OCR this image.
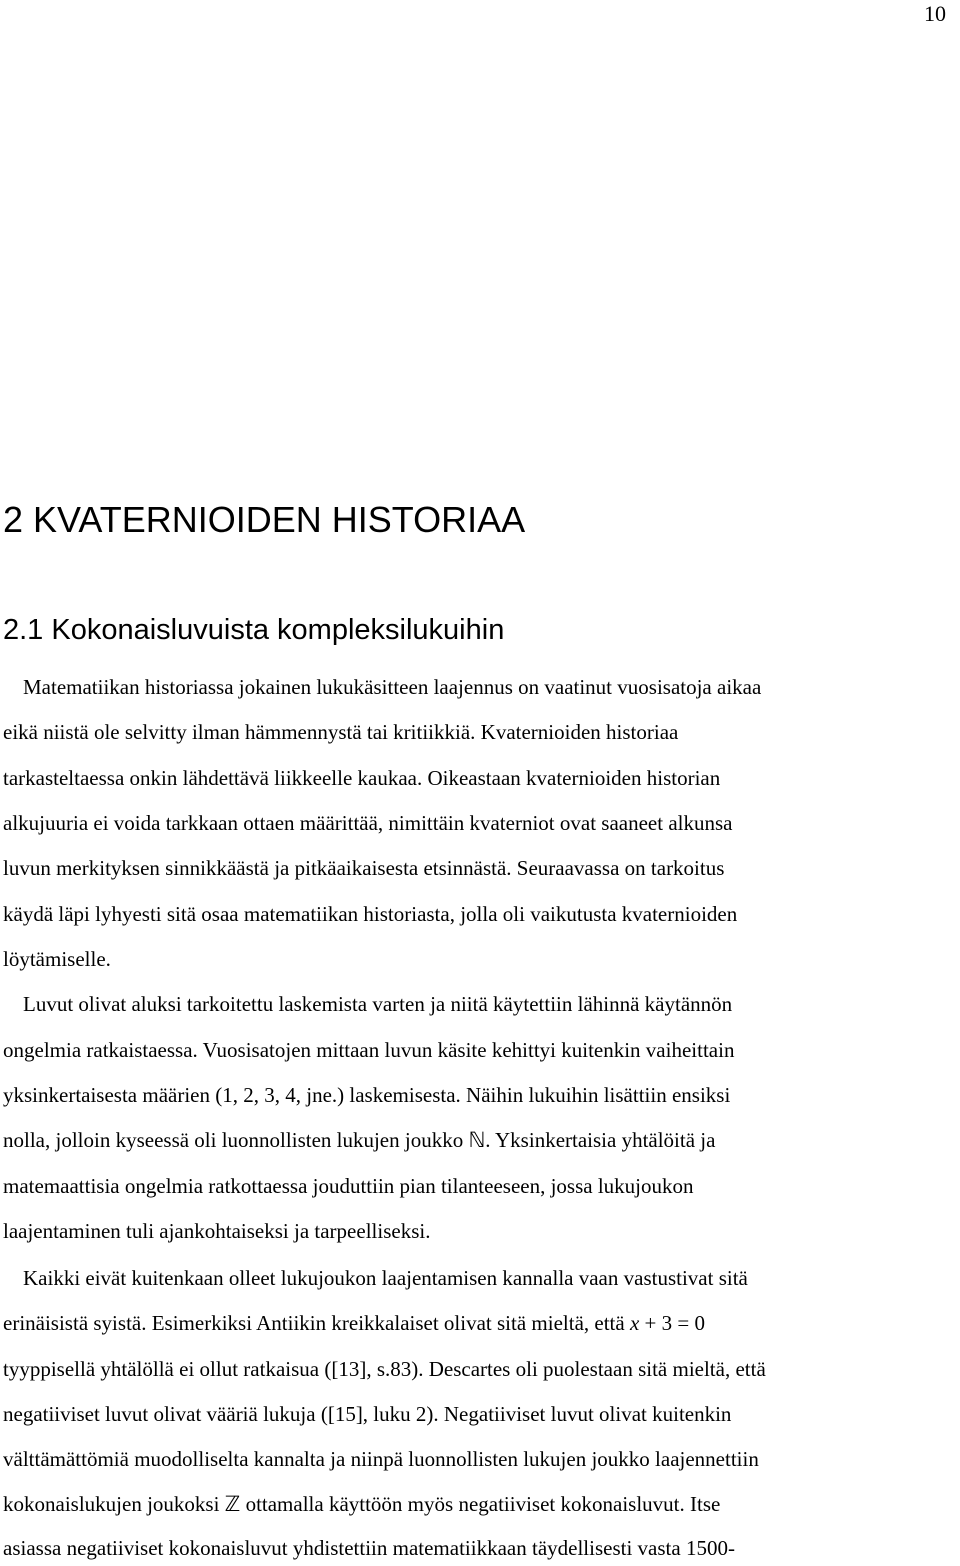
10
2 KVATERNIOIDEN HISTORIAA
2.1 Kokonaisluvuista kompleksilukuihin
Matematiikan historiassa jokainen lukukäsitteen laajennus on vaatinut vuosisatoja aikaa
eikä niistä ole selvitty ilman hämmennystä tai kritiikkiä. Kvaternioiden historiaa
tarkasteltaessa onkin lähdettävä liikkeelle kaukaa. Oikeastaan kvaternioiden historian
alkujuuria ei voida tarkkaan ottaen määrittää, nimittäin kvaterniot ovat saaneet alkunsa
luvun merkityksen sinnikkäästä ja pitkäaikaisesta etsinnästä. Seuraavassa on tarkoitus
käydä läpi lyhyesti sitä osaa matematiikan historiasta, jolla oli vaikutusta kvaternioiden
löytämiselle.
Luvut olivat aluksi tarkoitettu laskemista varten ja niitä käytettiin lähinnä käytännön
ongelmia ratkaistaessa. Vuosisatojen mittaan luvun käsite kehittyi kuitenkin vaiheittain
yksinkertaisesta määrien (1, 2, 3, 4, jne.) laskemisesta. Näihin lukuihin lisättiin ensiksi
nolla, jolloin kyseessä oli luonnollisten lukujen joukko ℕ. Yksinkertaisia yhtälöitä ja
matemaattisia ongelmia ratkottaessa jouduttiin pian tilanteeseen, jossa lukujoukon
laajentaminen tuli ajankohtaiseksi ja tarpeelliseksi.
Kaikki eivät kuitenkaan olleet lukujoukon laajentamisen kannalla vaan vastustivat sitä
erinäisistä syistä. Esimerkiksi Antiikin kreikkalaiset olivat sitä mieltä, että x + 3 = 0
tyyppisellä yhtälöllä ei ollut ratkaisua ([13], s.83). Descartes oli puolestaan sitä mieltä, että
negatiiviset luvut olivat vääriä lukuja ([15], luku 2). Negatiiviset luvut olivat kuitenkin
välttämättömiä muodolliselta kannalta ja niinpä luonnollisten lukujen joukko laajennettiin
kokonaislukujen joukoksi ℤ ottamalla käyttöön myös negatiiviset kokonaisluvut. Itse
asiassa negatiiviset kokonaisluvut yhdistettiin matematiikkaan täydellisesti vasta 1500-
